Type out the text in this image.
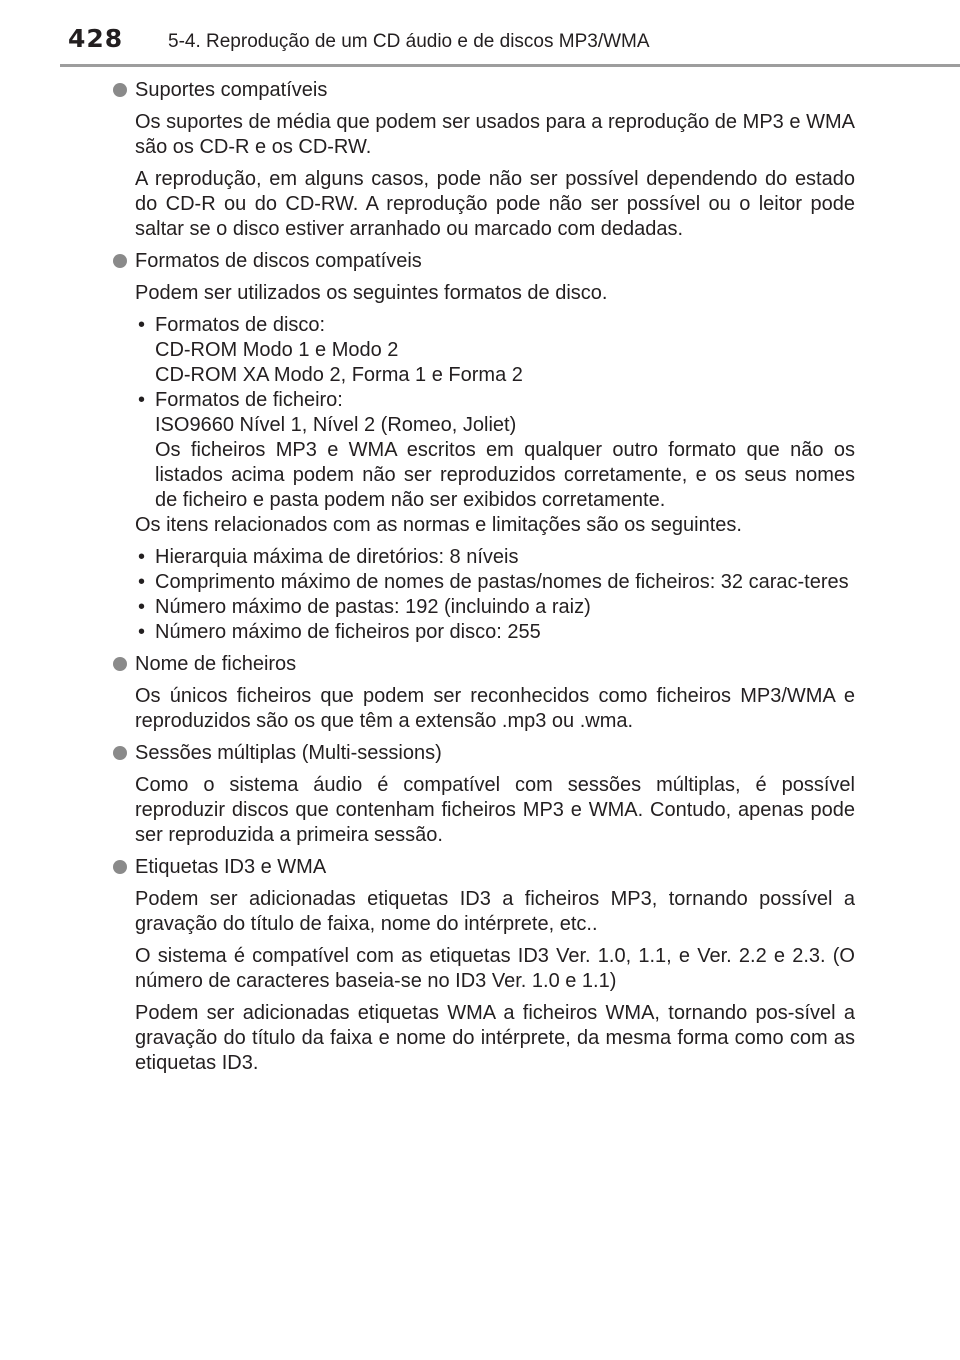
428 5-4. Reprodução de um CD áudio e de discos MP3/WMA
Suportes compatíveis

Os suportes de média que podem ser usados para a reprodução de MP3 e WMA são os CD-R e os CD-RW.

A reprodução, em alguns casos, pode não ser possível dependendo do estado do CD-R ou do CD-RW. A reprodução pode não ser possível ou o leitor pode saltar se o disco estiver arranhado ou marcado com dedadas.

Formatos de discos compatíveis

Podem ser utilizados os seguintes formatos de disco.

• Formatos de disco:
CD-ROM Modo 1 e Modo 2
CD-ROM XA Modo 2, Forma 1 e Forma 2
• Formatos de ficheiro:
ISO9660 Nível 1, Nível 2 (Romeo, Joliet)
Os ficheiros MP3 e WMA escritos em qualquer outro formato que não os listados acima podem não ser reproduzidos corretamente, e os seus nomes de ficheiro e pasta podem não ser exibidos corretamente.

Os itens relacionados com as normas e limitações são os seguintes.

• Hierarquia máxima de diretórios: 8 níveis
• Comprimento máximo de nomes de pastas/nomes de ficheiros: 32 carac-teres
• Número máximo de pastas: 192 (incluindo a raiz)
• Número máximo de ficheiros por disco: 255
Nome de ficheiros

Os únicos ficheiros que podem ser reconhecidos como ficheiros MP3/WMA e reproduzidos são os que têm a extensão .mp3 ou .wma.

Sessões múltiplas (Multi-sessions)

Como o sistema áudio é compatível com sessões múltiplas, é possível reproduzir discos que contenham ficheiros MP3 e WMA. Contudo, apenas pode ser reproduzida a primeira sessão.

Etiquetas ID3 e WMA

Podem ser adicionadas etiquetas ID3 a ficheiros MP3, tornando possível a gravação do título de faixa, nome do intérprete, etc..

O sistema é compatível com as etiquetas ID3 Ver. 1.0, 1.1, e Ver. 2.2 e 2.3. (O número de caracteres baseia-se no ID3 Ver. 1.0 e 1.1)

Podem ser adicionadas etiquetas WMA a ficheiros WMA, tornando pos-sível a gravação do título da faixa e nome do intérprete, da mesma forma como com as etiquetas ID3.
